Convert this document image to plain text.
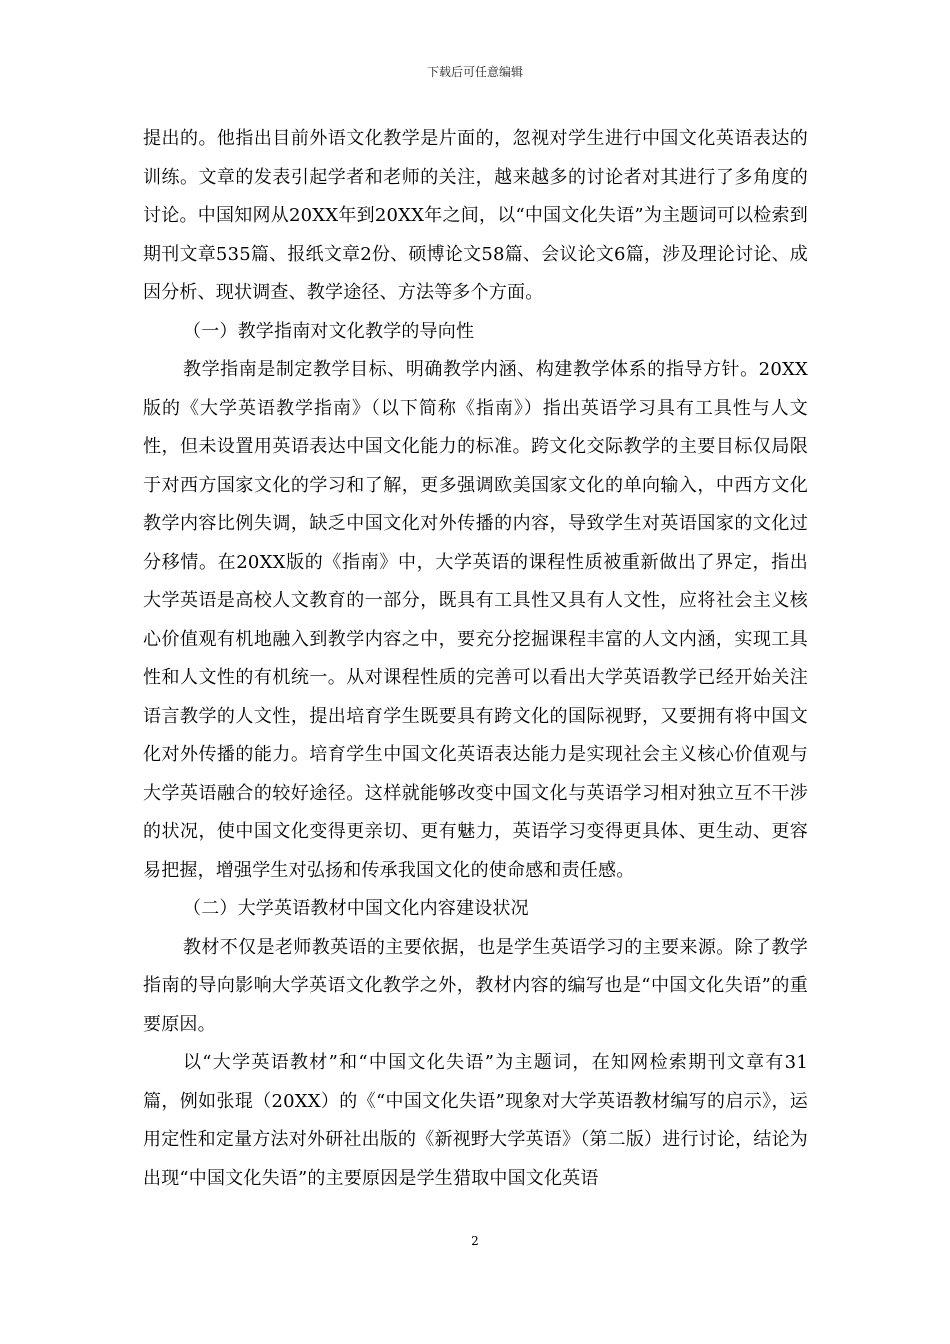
下载后可任意编辑

提出的。他指出目前外语文化教学是片面的，忽视对学生进行中国文化英语表达的训练。文章的发表引起学者和老师的关注，越来越多的讨论者对其进行了多角度的讨论。中国知网从20XX年到20XX年之间，以“中国文化失语”为主题词可以检索到期刊文章535篇、报纸文章2份、硕博论文58篇、会议论文6篇，涉及理论讨论、成因分析、现状调查、教学途径、方法等多个方面。

（一）教学指南对文化教学的导向性

教学指南是制定教学目标、明确教学内涵、构建教学体系的指导方针。20XX版的《大学英语教学指南》（以下简称《指南》）指出英语学习具有工具性与人文性，但未设置用英语表达中国文化能力的标准。跨文化交际教学的主要目标仅局限于对西方国家文化的学习和了解，更多强调欧美国家文化的单向输入，中西方文化教学内容比例失调，缺乏中国文化对外传播的内容，导致学生对英语国家的文化过分移情。在20XX版的《指南》中，大学英语的课程性质被重新做出了界定，指出大学英语是高校人文教育的一部分，既具有工具性又具有人文性，应将社会主义核心价值观有机地融入到教学内容之中，要充分挖掘课程丰富的人文内涵，实现工具性和人文性的有机统一。从对课程性质的完善可以看出大学英语教学已经开始关注语言教学的人文性，提出培育学生既要具有跨文化的国际视野，又要拥有将中国文化对外传播的能力。培育学生中国文化英语表达能力是实现社会主义核心价值观与大学英语融合的较好途径。这样就能够改变中国文化与英语学习相对独立互不干涉的状况，使中国文化变得更亲切、更有魅力，英语学习变得更具体、更生动、更容易把握，增强学生对弘扬和传承我国文化的使命感和责任感。

（二）大学英语教材中国文化内容建设状况

教材不仅是老师教英语的主要依据，也是学生英语学习的主要来源。除了教学指南的导向影响大学英语文化教学之外，教材内容的编写也是“中国文化失语”的重要原因。

以“大学英语教材”和“中国文化失语”为主题词，在知网检索期刊文章有31篇，例如张琨（20XX）的《“中国文化失语”现象对大学英语教材编写的启示》，运用定性和定量方法对外研社出版的《新视野大学英语》（第二版）进行讨论，结论为出现“中国文化失语”的主要原因是学生猎取中国文化英语

2
